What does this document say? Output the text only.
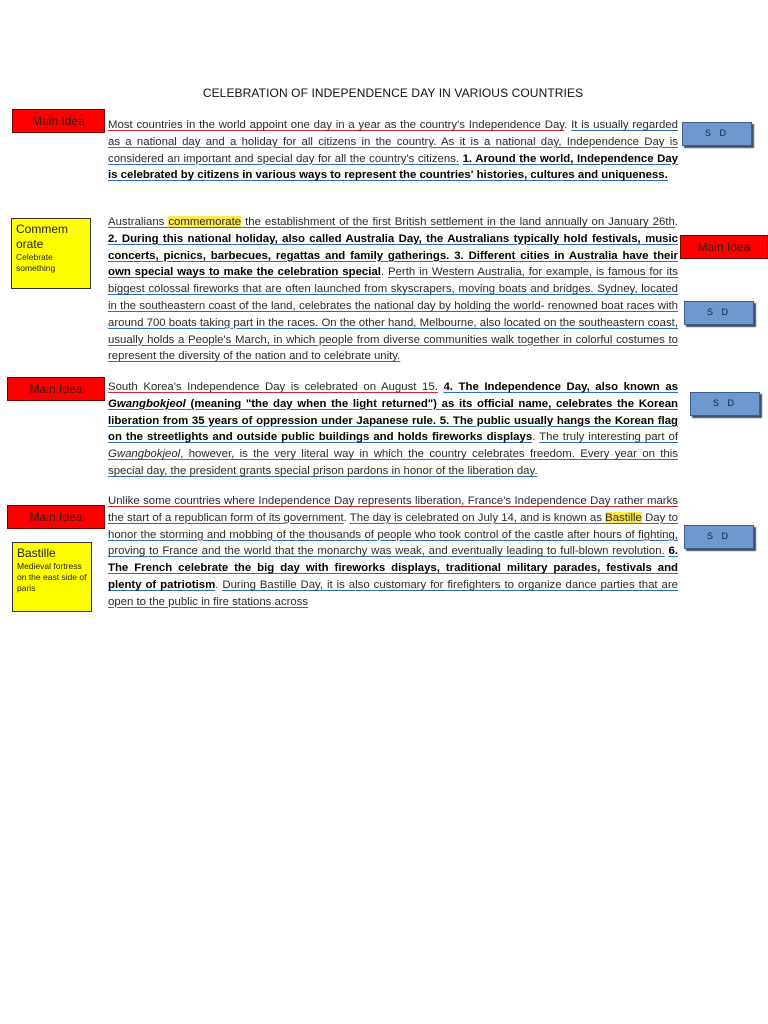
CELEBRATION OF INDEPENDENCE DAY IN VARIOUS COUNTRIES
Most countries in the world appoint one day in a year as the country's Independence Day. It is usually regarded as a national day and a holiday for all citizens in the country. As it is a national day, Independence Day is considered an important and special day for all the country's citizens. 1. Around the world, Independence Day is celebrated by citizens in various ways to represent the countries' histories, cultures and uniqueness.
Australians commemorate the establishment of the first British settlement in the land annually on January 26th. 2. During this national holiday, also called Australia Day, the Australians typically hold festivals, music concerts, picnics, barbecues, regattas and family gatherings. 3. Different cities in Australia have their own special ways to make the celebration special. Perth in Western Australia, for example, is famous for its biggest colossal fireworks that are often launched from skyscrapers, moving boats and bridges. Sydney, located in the southeastern coast of the land, celebrates the national day by holding the world- renowned boat races with around 700 boats taking part in the races. On the other hand, Melbourne, also located on the southeastern coast, usually holds a People's March, in which people from diverse communities walk together in colorful costumes to represent the diversity of the nation and to celebrate unity.
South Korea's Independence Day is celebrated on August 15. 4. The Independence Day, also known as Gwangbokjeol (meaning "the day when the light returned") as its official name, celebrates the Korean liberation from 35 years of oppression under Japanese rule. 5. The public usually hangs the Korean flag on the streetlights and outside public buildings and holds fireworks displays. The truly interesting part of Gwangbokjeol, however, is the very literal way in which the country celebrates freedom. Every year on this special day, the president grants special prison pardons in honor of the liberation day.
Unlike some countries where Independence Day represents liberation, France's Independence Day rather marks the start of a republican form of its government. The day is celebrated on July 14, and is known as Bastille Day to honor the storming and mobbing of the thousands of people who took control of the castle after hours of fighting, proving to France and the world that the monarchy was weak, and eventually leading to full-blown revolution. 6. The French celebrate the big day with fireworks displays, traditional military parades, festivals and plenty of patriotism. During Bastille Day, it is also customary for firefighters to organize dance parties that are open to the public in fire stations across
Main Idea
Commem orate
Celebrate something
Main Idea
Main Idea
Bastille
Medieval fortress on the east side of paris
Main Idea
S D
S D
S D
S D
